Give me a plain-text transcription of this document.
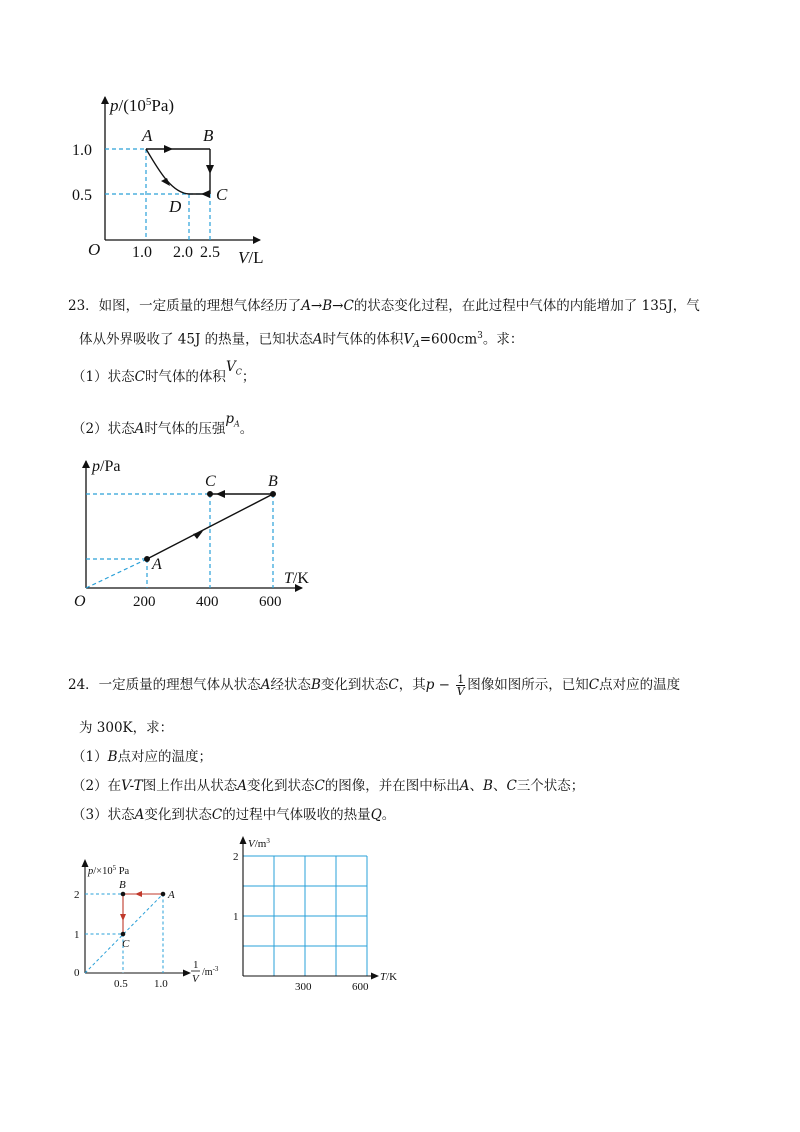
$p/(10^5Pa)$
V/L
O
1.0
0.5
1.0 2.0 2.5
A	B
C
D
23．如图，一定质量的理想气体经历了A→B→C的状态变化过程，在此过程中气体的内能增加了 135J，气
体从外界吸收了 45J 的热量，已知状态A时气体的体积$V_A=600cm^3$。求：
（1）状态C时气体的体积$V_C$；
（2）状态A时气体的压强$p_A$。
p/Pa
T/K
O	200	400	600
A
B
C
24．一定质量的理想气体从状态A经状态B变化到状态C，其$p - \frac{1}{V}$ 图像如图所示，已知C点对应的温度
为 300K，求：
（1）B点对应的温度；
（2）在V-T图上作出从状态A变化到状态C的图像，并在图中标出A、B、C三个状态；
（3）状态A变化到状态C的过程中气体吸收的热量Q。
$p/\times 10^5$ Pa
1
V
$/m^{-3}$
0
2
1
0.5 1.0
A
B
C
$V/m^3$
T/K
2
1
300	600
